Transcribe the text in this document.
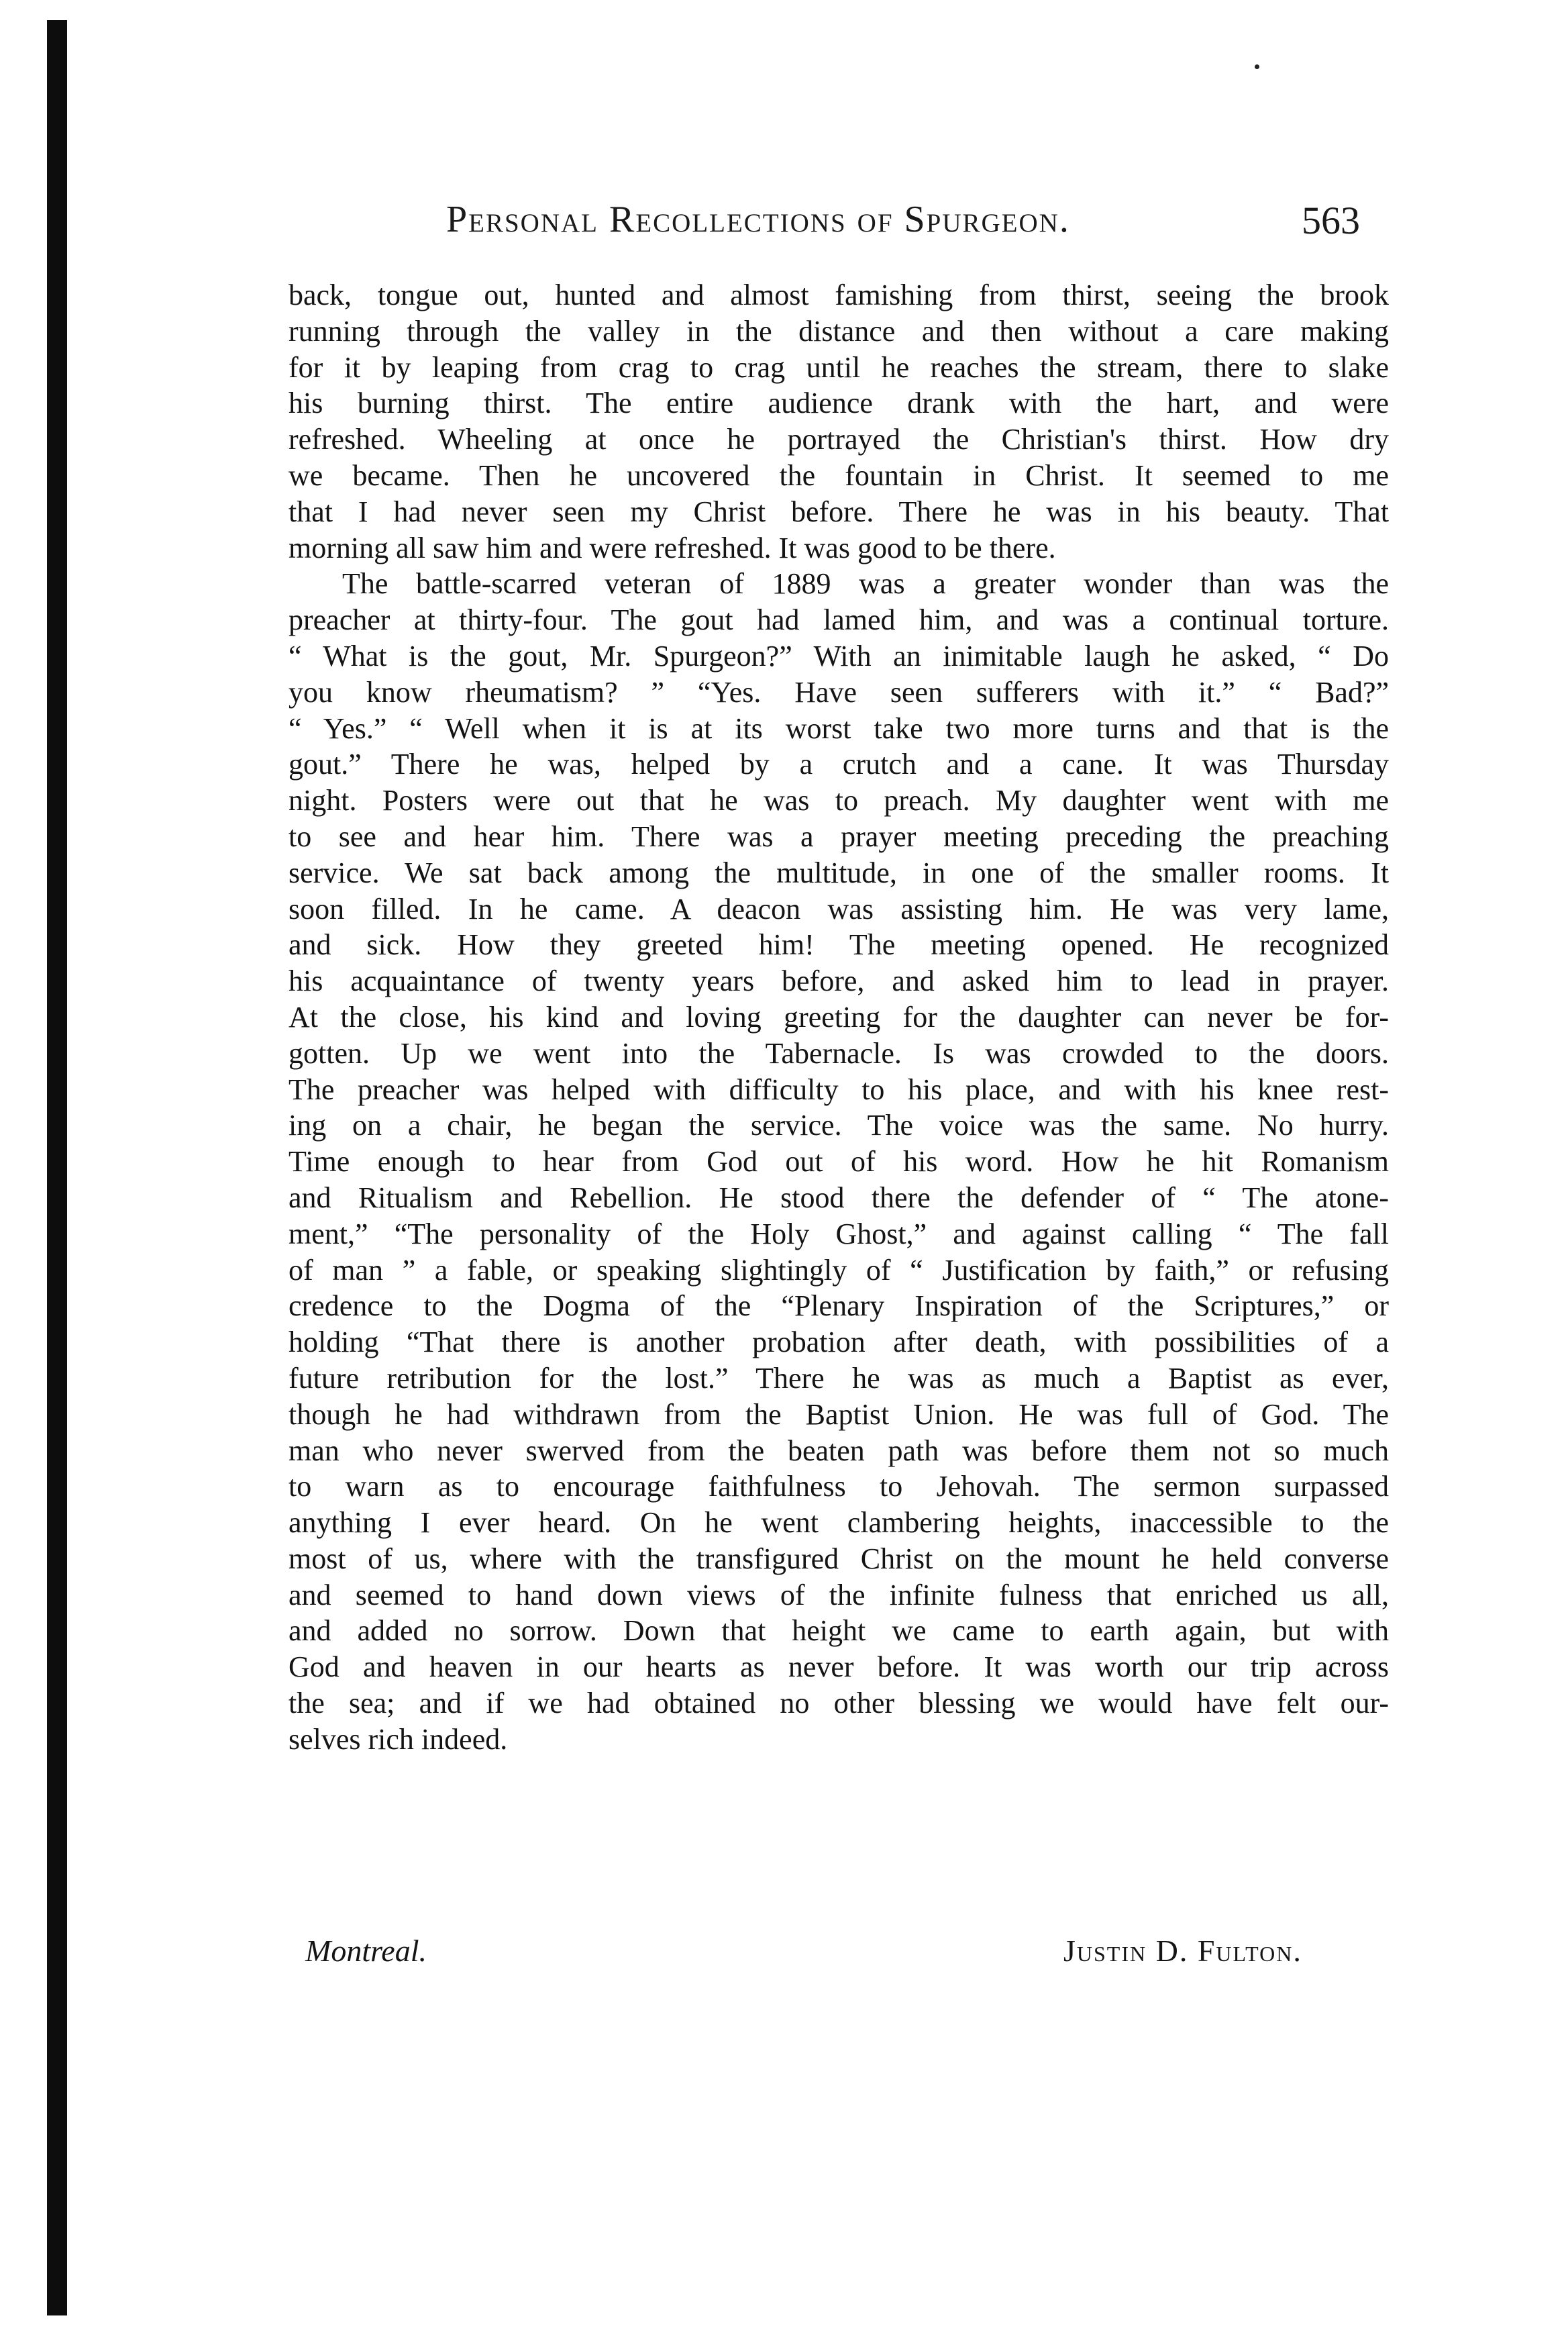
Personal Recollections of Spurgeon.	563
back, tongue out, hunted and almost famishing from thirst, seeing the brook
running through the valley in the distance and then without a care making
for it by leaping from crag to crag until he reaches the stream, there to slake
his burning thirst. The entire audience drank with the hart, and were
refreshed. Wheeling at once he portrayed the Christian's thirst. How dry
we became. Then he uncovered the fountain in Christ. It seemed to me
that I had never seen my Christ before. There he was in his beauty. That
morning all saw him and were refreshed. It was good to be there.
The battle-scarred veteran of 1889 was a greater wonder than was the
preacher at thirty-four. The gout had lamed him, and was a continual torture.
“ What is the gout, Mr. Spurgeon?” With an inimitable laugh he asked, “ Do
you know rheumatism? ” “Yes. Have seen sufferers with it.” “ Bad?”
“ Yes.” “ Well when it is at its worst take two more turns and that is the
gout.” There he was, helped by a crutch and a cane. It was Thursday
night. Posters were out that he was to preach. My daughter went with me
to see and hear him. There was a prayer meeting preceding the preaching
service. We sat back among the multitude, in one of the smaller rooms. It
soon filled. In he came. A deacon was assisting him. He was very lame,
and sick. How they greeted him! The meeting opened. He recognized
his acquaintance of twenty years before, and asked him to lead in prayer.
At the close, his kind and loving greeting for the daughter can never be for-
gotten. Up we went into the Tabernacle. Is was crowded to the doors.
The preacher was helped with difficulty to his place, and with his knee rest-
ing on a chair, he began the service. The voice was the same. No hurry.
Time enough to hear from God out of his word. How he hit Romanism
and Ritualism and Rebellion. He stood there the defender of “ The atone-
ment,” “The personality of the Holy Ghost,” and against calling “ The fall
of man ” a fable, or speaking slightingly of “ Justification by faith,” or refusing
credence to the Dogma of the “Plenary Inspiration of the Scriptures,” or
holding “That there is another probation after death, with possibilities of a
future retribution for the lost.” There he was as much a Baptist as ever,
though he had withdrawn from the Baptist Union. He was full of God. The
man who never swerved from the beaten path was before them not so much
to warn as to encourage faithfulness to Jehovah. The sermon surpassed
anything I ever heard. On he went clambering heights, inaccessible to the
most of us, where with the transfigured Christ on the mount he held converse
and seemed to hand down views of the infinite fulness that enriched us all,
and added no sorrow. Down that height we came to earth again, but with
God and heaven in our hearts as never before. It was worth our trip across
the sea; and if we had obtained no other blessing we would have felt our-
selves rich indeed.
Montreal.	Justin D. Fulton.
